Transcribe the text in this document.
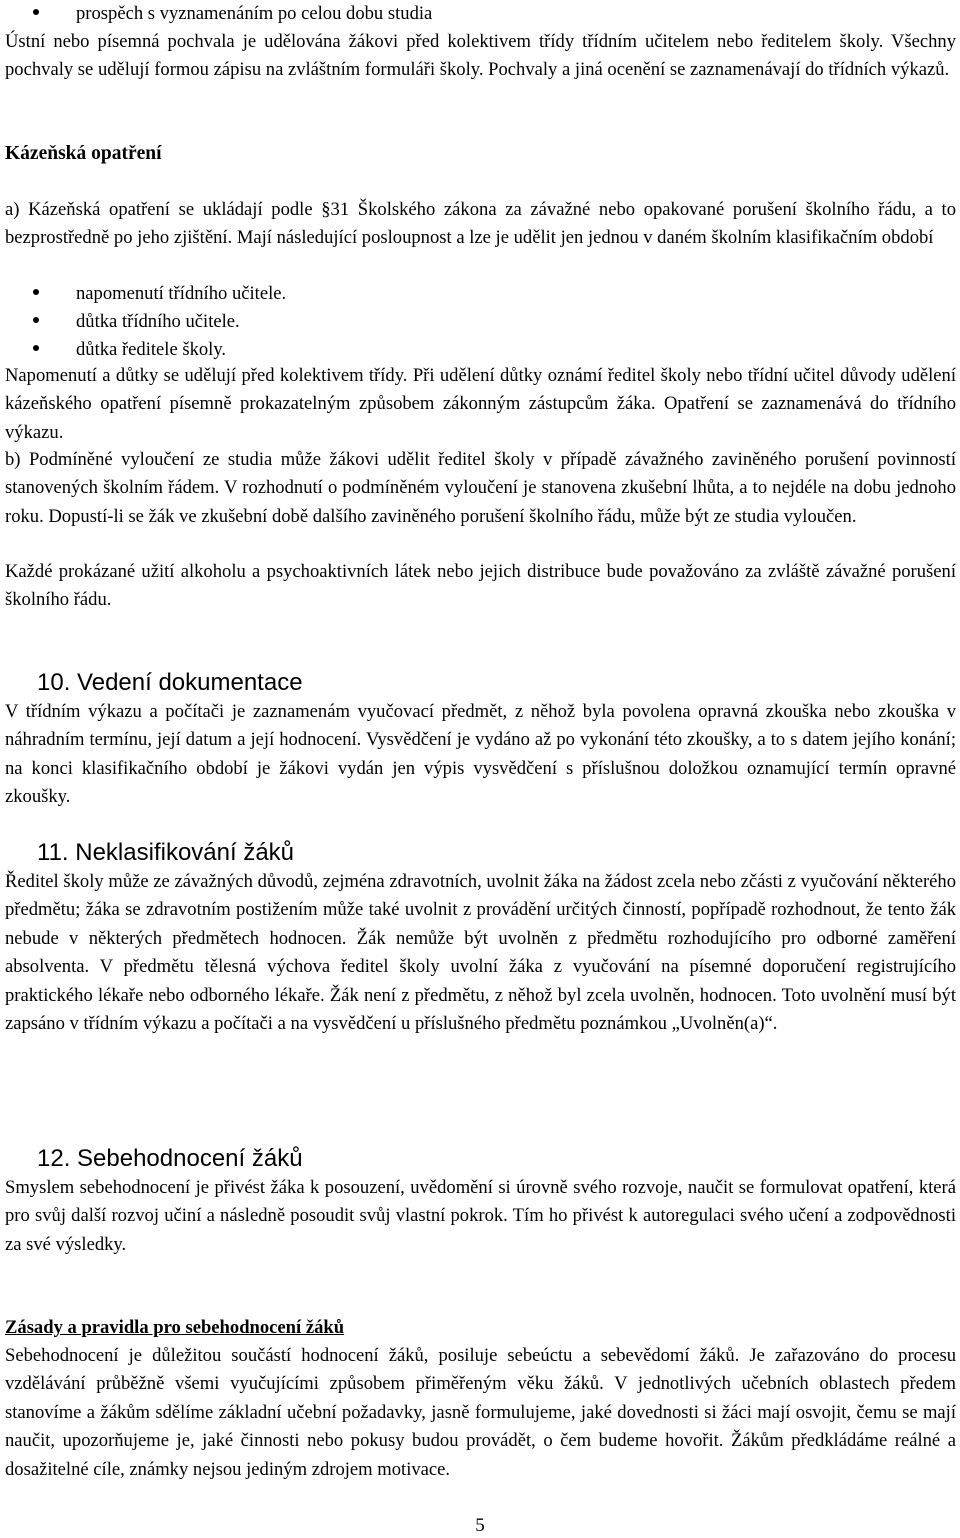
prospěch s vyznamenáním po celou dobu studia

Ústní nebo písemná pochvala je udělována žákovi před kolektivem třídy třídním učitelem nebo ředitelem školy. Všechny pochvaly se udělují formou zápisu na zvláštním formuláři školy. Pochvaly a jiná ocenění se zaznamenávají do třídních výkazů.

Kázeňská opatření

a) Kázeňská opatření se ukládají podle §31 Školského zákona za závažné nebo opakované porušení školního řádu, a to bezprostředně po jeho zjištění. Mají následující posloupnost a lze je udělit jen jednou v daném školním klasifikačním období

napomenutí třídního učitele.
důtka třídního učitele.
důtka ředitele školy.

Napomenutí a důtky se udělují před kolektivem třídy. Při udělení důtky oznámí ředitel školy nebo třídní učitel důvody udělení kázeňského opatření písemně prokazatelným způsobem zákonným zástupcům žáka. Opatření se zaznamenává do třídního výkazu.

b) Podmíněné vyloučení ze studia může žákovi udělit ředitel školy v případě závažného zaviněného porušení povinností stanovených školním řádem. V rozhodnutí o podmíněném vyloučení je stanovena zkušební lhůta, a to nejdéle na dobu jednoho roku. Dopustí-li se žák ve zkušební době dalšího zaviněného porušení školního řádu, může být ze studia vyloučen.

Každé prokázané užití alkoholu a psychoaktivních látek nebo jejich distribuce bude považováno za zvláště závažné porušení školního řádu.

10. Vedení dokumentace

V třídním výkazu a počítači je zaznamenám vyučovací předmět, z něhož byla povolena opravná zkouška nebo zkouška v náhradním termínu, její datum a její hodnocení. Vysvědčení je vydáno až po vykonání této zkoušky, a to s datem jejího konání; na konci klasifikačního období je žákovi vydán jen výpis vysvědčení s příslušnou doložkou oznamující termín opravné zkoušky.

11. Neklasifikování žáků

Ředitel školy může ze závažných důvodů, zejména zdravotních, uvolnit žáka na žádost zcela nebo zčásti z vyučování některého předmětu; žáka se zdravotním postižením může také uvolnit z provádění určitých činností, popřípadě rozhodnout, že tento žák nebude v některých předmětech hodnocen. Žák nemůže být uvolněn z předmětu rozhodujícího pro odborné zaměření absolventa. V předmětu tělesná výchova ředitel školy uvolní žáka z vyučování na písemné doporučení registrujícího praktického lékaře nebo odborného lékaře. Žák není z předmětu, z něhož byl zcela uvolněn, hodnocen. Toto uvolnění musí být zapsáno v třídním výkazu a počítači a na vysvědčení u příslušného předmětu poznámkou „Uvolněn(a)“.

12. Sebehodnocení žáků

Smyslem sebehodnocení je přivést žáka k posouzení, uvědomění si úrovně svého rozvoje, naučit se formulovat opatření, která pro svůj další rozvoj učiní a následně posoudit svůj vlastní pokrok. Tím ho přivést k autoregulaci svého učení a zodpovědnosti za své výsledky.

Zásady a pravidla pro sebehodnocení žáků

Sebehodnocení je důležitou součástí hodnocení žáků, posiluje sebeúctu a sebevědomí žáků. Je zařazováno do procesu vzdělávání průběžně všemi vyučujícími způsobem přiměřeným věku žáků. V jednotlivých učebních oblastech předem stanovíme a žákům sdělíme základní učební požadavky, jasně formulujeme, jaké dovednosti si žáci mají osvojit, čemu se mají naučit, upozorňujeme je, jaké činnosti nebo pokusy budou provádět, o čem budeme hovořit. Žákům předkládáme reálné a dosažitelné cíle, známky nejsou jediným zdrojem motivace.

5
